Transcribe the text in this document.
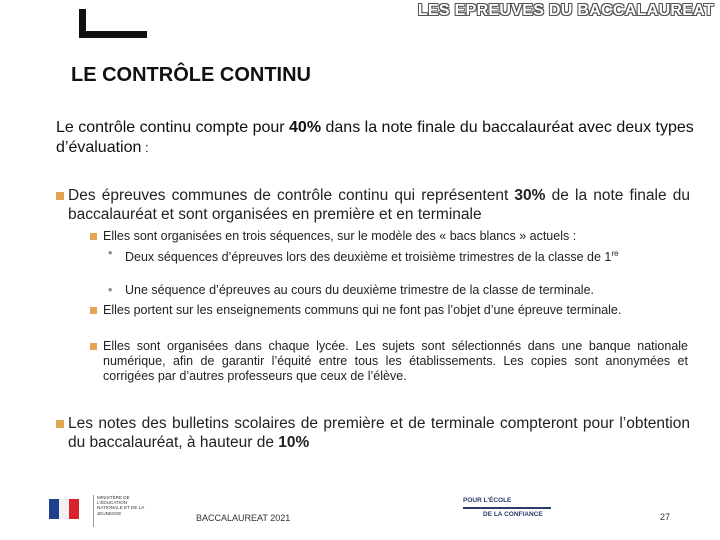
LES EPREUVES DU BACCALAUREAT
LE CONTRÔLE CONTINU
Le contrôle continu compte pour 40% dans la note finale du baccalauréat avec deux types d’évaluation :
Des épreuves communes de contrôle continu qui représentent 30% de la note finale du baccalauréat et sont organisées en première et en terminale
Elles sont organisées en trois séquences, sur le modèle des « bacs blancs » actuels :
•	Deux séquences d’épreuves lors des deuxième et troisième trimestres de la classe de 1re
•	Une séquence d’épreuves au cours du deuxième trimestre de la classe de terminale.
Elles portent sur les enseignements communs qui ne font pas l’objet d’une épreuve terminale.
Elles sont organisées dans chaque lycée. Les sujets sont sélectionnés dans une banque nationale numérique, afin de garantir l’équité entre tous les établissements. Les copies sont anonymées et corrigées par d’autres professeurs que ceux de l’élève.
Les notes des bulletins scolaires de première et de terminale compteront pour l’obtention du baccalauréat, à hauteur de 10%
MINISTÈRE DE L’ÉDUCATION NATIONALE ET DE LA JEUNESSE	BACCALAUREAT 2021
POUR L’ÉCOLE
DE LA CONFIANCE	27
